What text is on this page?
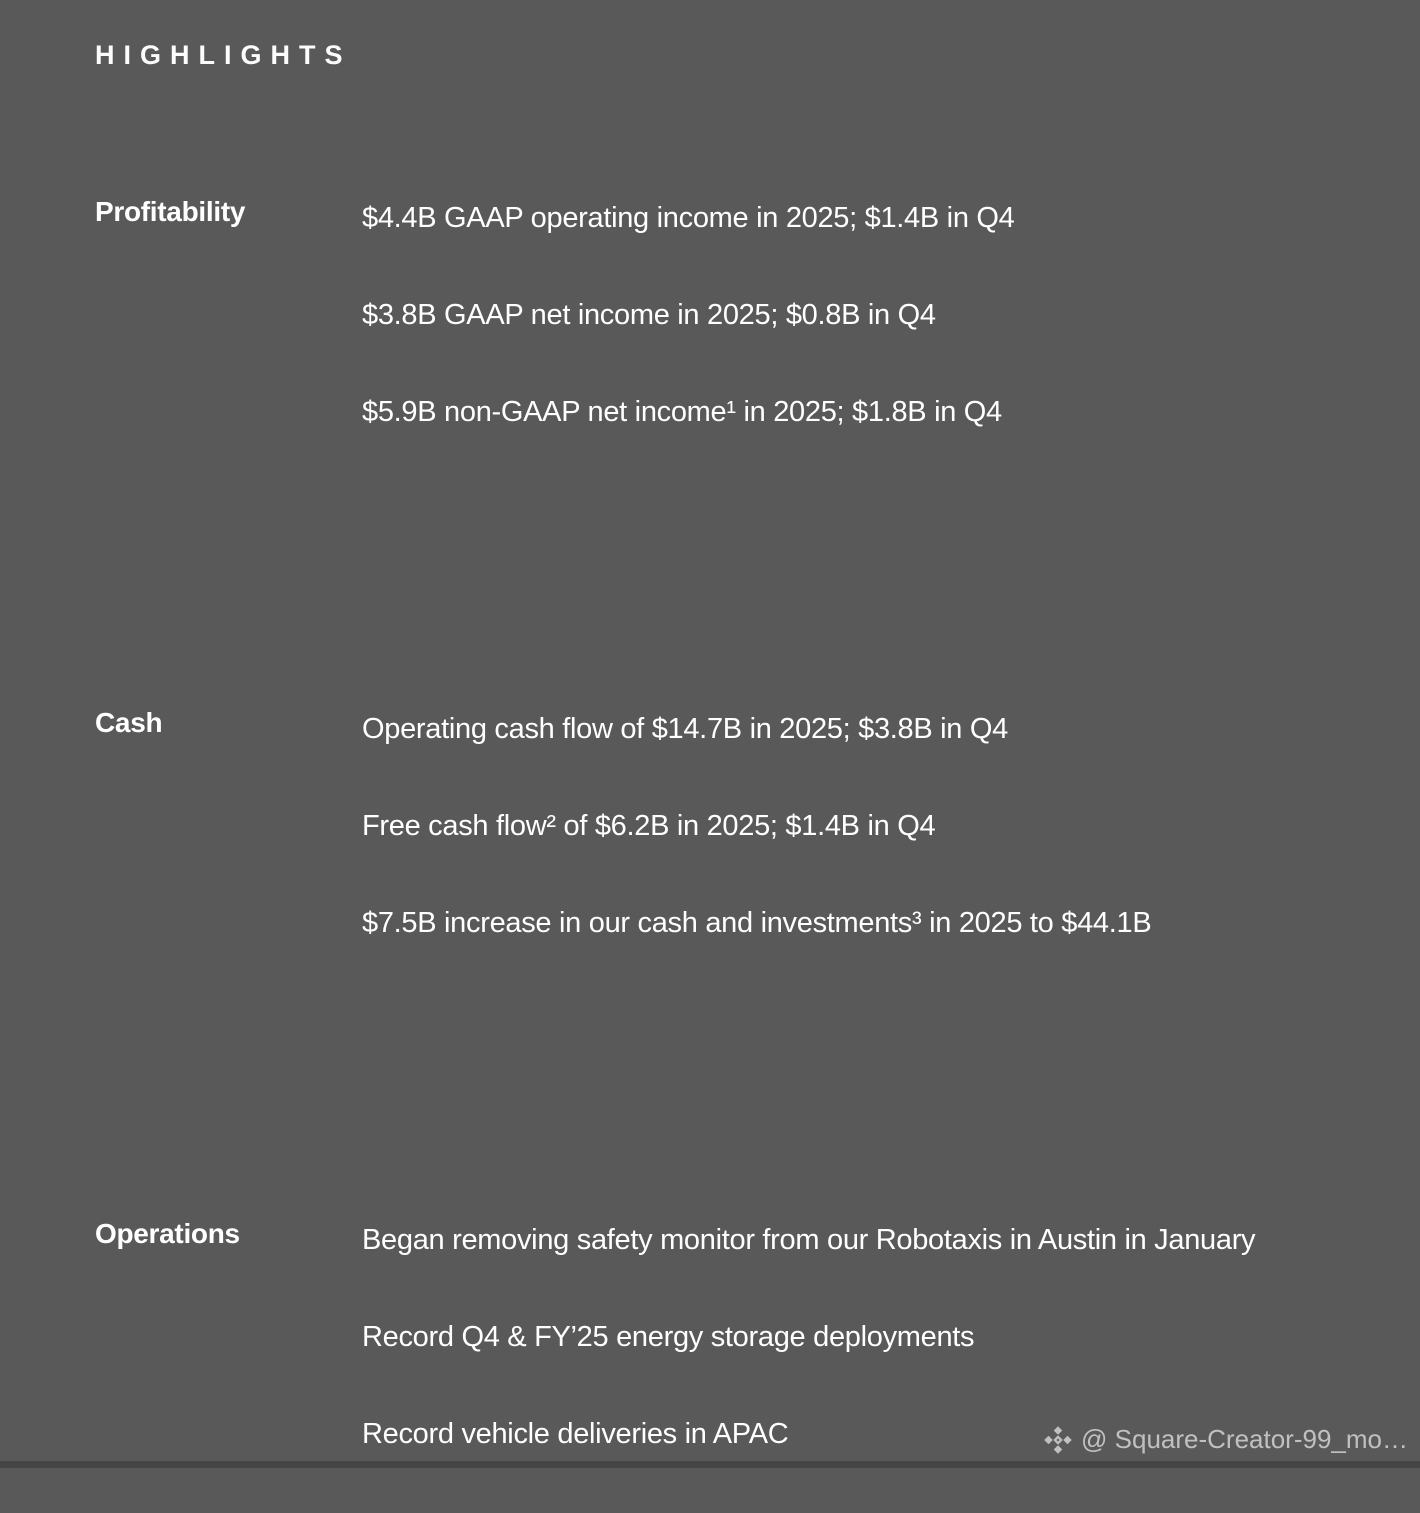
HIGHLIGHTS
Profitability	$4.4B GAAP operating income in 2025; $1.4B in Q4

$3.8B GAAP net income in 2025; $0.8B in Q4

$5.9B non-GAAP net income¹ in 2025; $1.8B in Q4

Cash	Operating cash flow of $14.7B in 2025; $3.8B in Q4

Free cash flow² of $6.2B in 2025; $1.4B in Q4

$7.5B increase in our cash and investments³ in 2025 to $44.1B

Operations	Began removing safety monitor from our Robotaxis in Austin in January

Record Q4 & FY’25 energy storage deployments

Record vehicle deliveries in APAC	@ Square-Creator-99_mo…
